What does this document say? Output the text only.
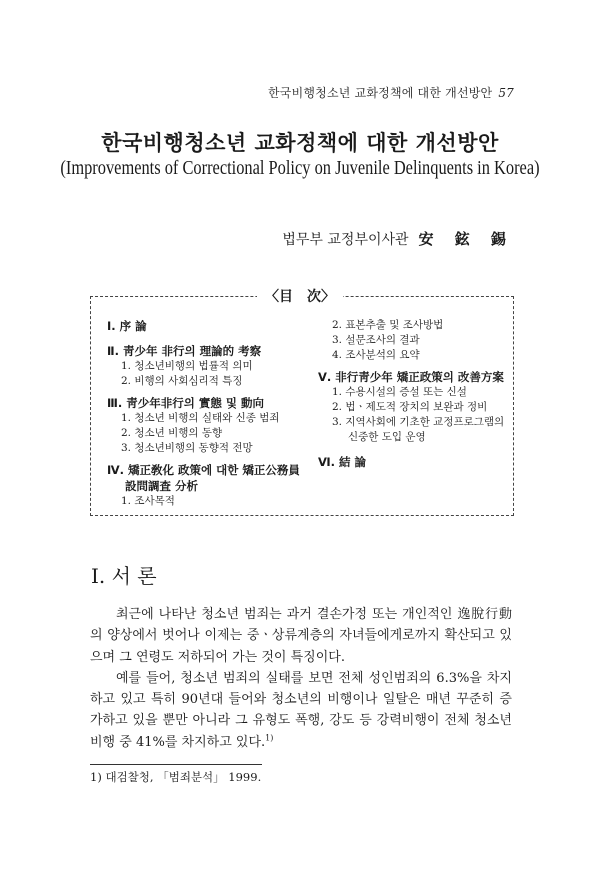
한국비행청소년 교화정책에 대한 개선방안 57
한국비행청소년 교화정책에 대한 개선방안
(Improvements of Correctional Policy on Juvenile Delinquents in Korea)
법무부 교정부이사관 安 鉉 錫
〈目　次〉

Ⅰ. 序 論

Ⅱ. 靑少年 非行의 理論的 考察

1. 청소년비행의 법률적 의미

2. 비행의 사회심리적 특징

Ⅲ. 靑少年非行의 實態 및 動向

1. 청소년 비행의 실태와 신종 범죄

2. 청소년 비행의 동향

3. 청소년비행의 동향적 전망

Ⅳ. 矯正敎化 政策에 대한 矯正公務員

設問調査 分析

1. 조사목적

2. 표본추출 및 조사방법

3. 설문조사의 결과

4. 조사분석의 요약

Ⅴ. 非行靑少年 矯正政策의 改善方案

1. 수용시설의 증설 또는 신설

2. 법ㆍ제도적 장치의 보완과 정비

3. 지역사회에 기초한 교정프로그램의

신중한 도입 운영

Ⅵ. 結 論

Ⅰ. 서 론

최근에 나타난 청소년 범죄는 과거 결손가정 또는 개인적인 逸脫行動의 양상에서 벗어나 이제는 중ㆍ상류계층의 자녀들에게로까지 확산되고 있으며 그 연령도 저하되어 가는 것이 특징이다.

예를 들어, 청소년 범죄의 실태를 보면 전체 성인범죄의 6.3%을 차지하고 있고 특히 90년대 들어와 청소년의 비행이나 일탈은 매년 꾸준히 증가하고 있을 뿐만 아니라 그 유형도 폭행, 강도 등 강력비행이 전체 청소년비행 중 41%를 차지하고 있다.$^{1)}$

1) 대검찰청, 「범죄분석」 1999.
